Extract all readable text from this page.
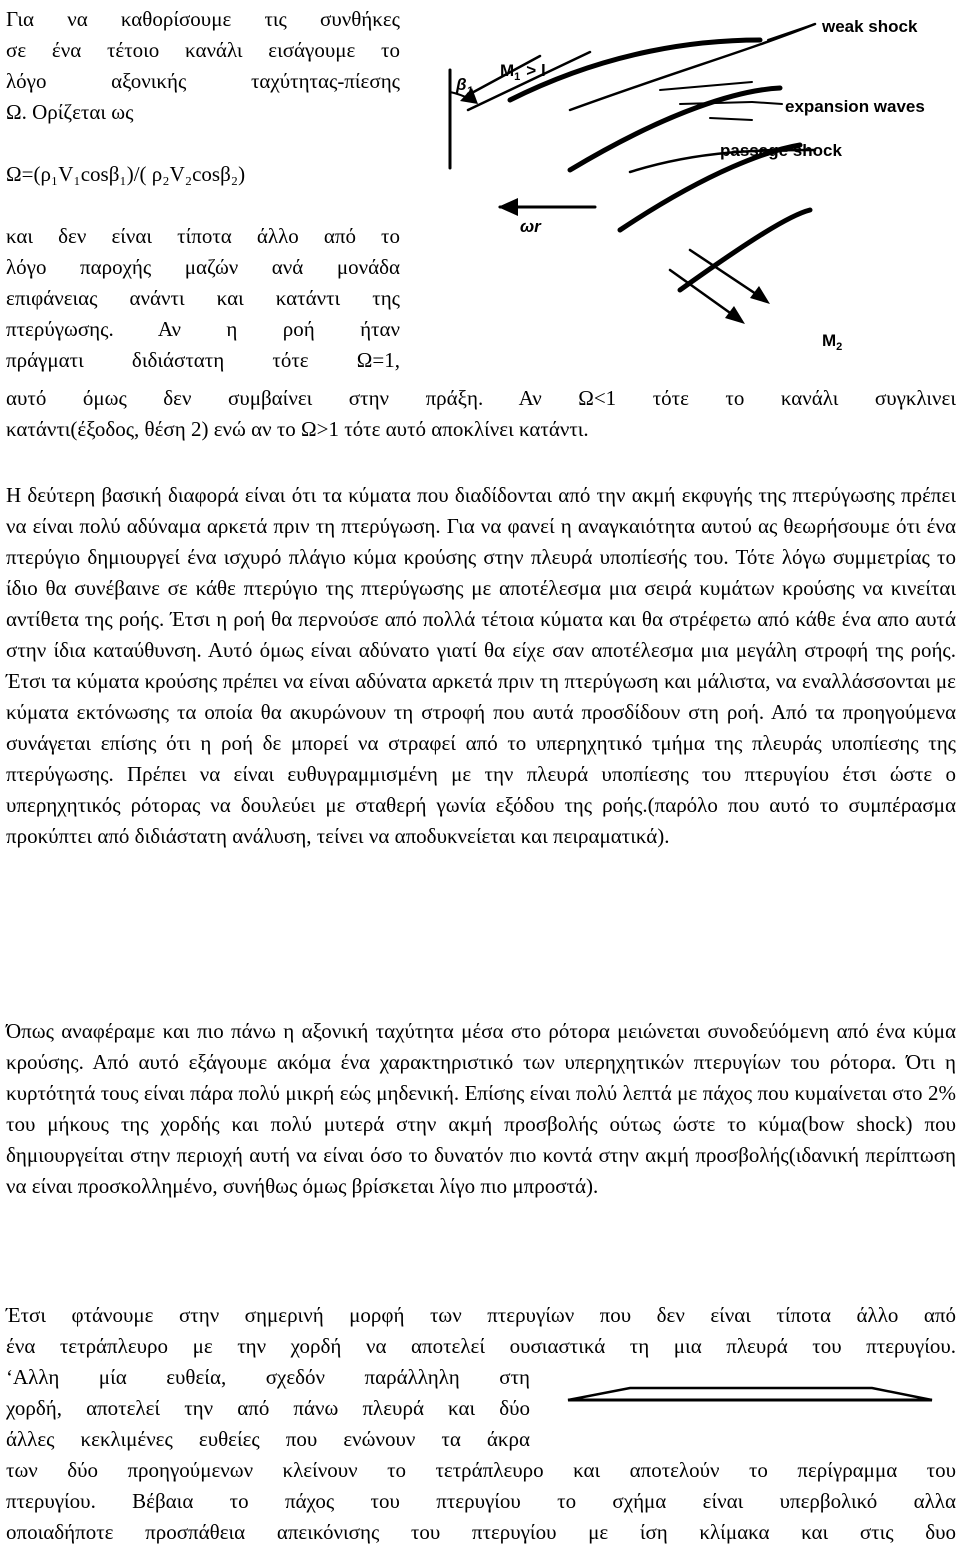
Για να καθορίσουμε τις συνθήκες
σε ένα τέτοιο κανάλι εισάγουμε το
λόγο αξονικής ταχύτητας-πίεσης
Ω. Ορίζεται ως
Ω=(ρ₁V₁cosβ₁)/( ρ₂V₂cosβ₂)
και δεν είναι τίποτα άλλο από το
λόγο παροχής μαζών ανά μονάδα
επιφάνειας ανάντι και κατάντι της
πτερύγωσης. Αν η ροή ήταν
πράγματι διδιάστατη τότε Ω=1,
weak shock
expansion waves
passage shock
$M_1 > l$
$\beta_1$
ωr
$M_2$
αυτό όμως δεν συμβαίνει στην πράξη. Αν Ω<1 τότε το κανάλι συγκλινει
κατάντι(έξοδος, θέση 2) ενώ αν το Ω>1 τότε αυτό αποκλίνει κατάντι.

Η δεύτερη βασική διαφορά είναι ότι τα κύματα που διαδίδονται από την ακμή εκφυγής της πτερύγωσης πρέπει να είναι πολύ αδύναμα αρκετά πριν τη πτερύγωση. Για να φανεί η αναγκαιότητα αυτού ας θεωρήσουμε ότι ένα πτερύγιο δημιουργεί ένα ισχυρό πλάγιο κύμα κρούσης στην πλευρά υποπίεσής του. Τότε λόγω συμμετρίας το ίδιο θα συνέβαινε σε κάθε πτερύγιο της πτερύγωσης με αποτέλεσμα μια σειρά κυμάτων κρούσης να κινείται αντίθετα της ροής. Έτσι η ροή θα περνούσε από πολλά τέτοια κύματα και θα στρέφετω από κάθε ένα απο αυτά στην ίδια καταύθυνση. Αυτό όμως είναι αδύνατο γιατί θα είχε σαν αποτέλεσμα μια μεγάλη στροφή της ροής. Έτσι τα κύματα κρούσης πρέπει να είναι αδύνατα αρκετά πριν τη πτερύγωση και μάλιστα, να εναλλάσσονται με κύματα εκτόνωσης τα οποία θα ακυρώνουν τη στροφή που αυτά προσδίδουν στη ροή. Από τα προηγούμενα συνάγεται επίσης ότι η ροή δε μπορεί να στραφεί από το υπερηχητικό τμήμα της πλευράς υποπίεσης της πτερύγωσης. Πρέπει να είναι ευθυγραμμισμένη με την πλευρά υποπίεσης του πτερυγίου έτσι ώστε ο υπερηχητικός ρότορας να δουλεύει με σταθερή γωνία εξόδου της ροής.(παρόλο που αυτό το συμπέρασμα προκύπτει από διδιάστατη ανάλυση, τείνει να αποδυκνείεται και πειραματικά).

Όπως αναφέραμε και πιο πάνω η αξονική ταχύτητα μέσα στο ρότορα μειώνεται συνοδεύόμενη από ένα κύμα κρούσης. Από αυτό εξάγουμε ακόμα ένα χαρακτηριστικό των υπερηχητικών πτερυγίων του ρότορα. Ότι η κυρτότητά τους είναι πάρα πολύ μικρή εώς μηδενική. Επίσης είναι πολύ λεπτά με πάχος που κυμαίνεται στο 2% του μήκους της χορδής και πολύ μυτερά στην ακμή προσβολής ούτως ώστε το κύμα(bow shock) που δημιουργείται στην περιοχή αυτή να είναι όσο το δυνατόν πιο κοντά στην ακμή προσβολής(ιδανική περίπτωση να είναι προσκολλημένο, συνήθως όμως βρίσκεται λίγο πιο μπροστά).

Έτσι φτάνουμε στην σημερινή μορφή των πτερυγίων που δεν είναι τίποτα άλλο από
ένα τετράπλευρο με την χορδή να αποτελεί ουσιαστικά τη μια πλευρά του πτερυγίου.
‘Αλλη μία ευθεία, σχεδόν παράλληλη στη
χορδή, αποτελεί την από πάνω πλευρά και δύο
άλλες κεκλιμένες ευθείες που ενώνουν τα άκρα
των δύο προηγούμενων κλείνουν το τετράπλευρο και αποτελούν το περίγραμμα του
πτερυγίου. Βέβαια το πάχος του πτερυγίου το σχήμα είναι υπερβολικό αλλα
οποιαδήποτε προσπάθεια απεικόνισης του πτερυγίου με ίση κλίμακα και στις δυο
